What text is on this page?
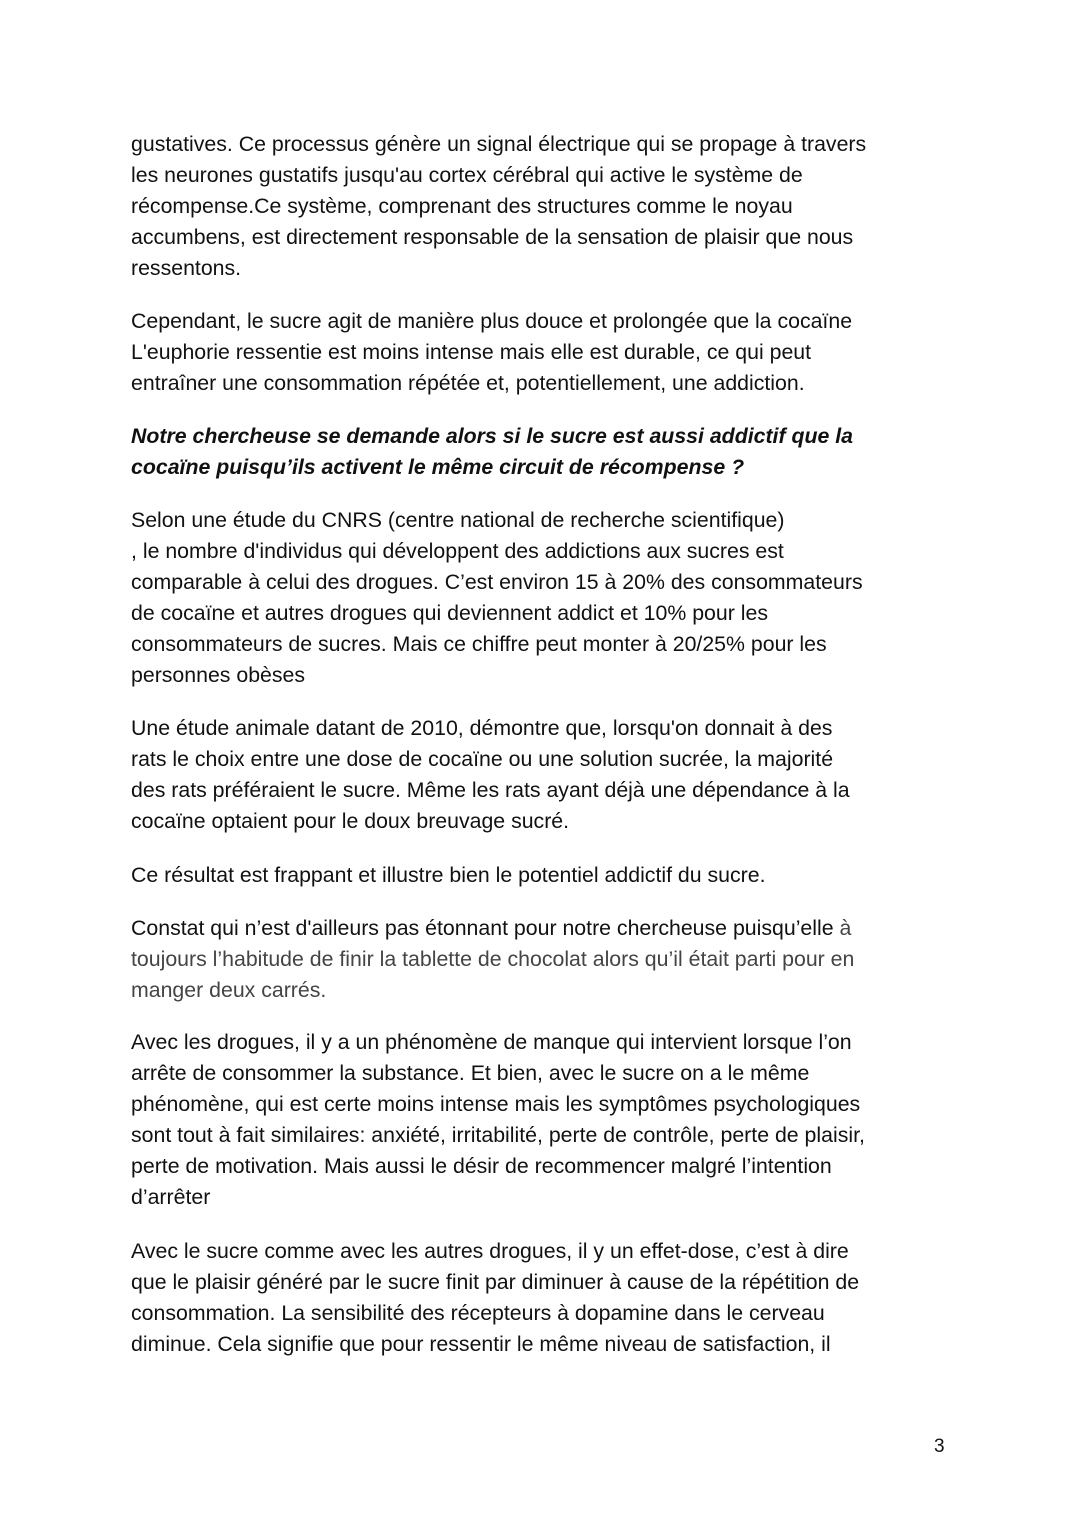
gustatives. Ce processus génère un signal électrique qui se propage à travers
les neurones gustatifs jusqu'au cortex cérébral qui active le système de
récompense.Ce système, comprenant des structures comme le noyau
accumbens, est directement responsable de la sensation de plaisir que nous
ressentons.
Cependant, le sucre agit de manière plus douce et prolongée que la cocaïne
L'euphorie ressentie est moins intense mais elle est durable, ce qui peut
entraîner une consommation répétée et, potentiellement, une addiction.
Notre chercheuse se demande alors si le sucre est aussi addictif que la
cocaïne puisqu’ils activent le même circuit de récompense ?
Selon une étude du CNRS (centre national de recherche scientifique)
, le nombre d'individus qui développent des addictions aux sucres est
comparable à celui des drogues. C’est environ 15 à 20% des consommateurs
de cocaïne et autres drogues qui deviennent addict et 10% pour les
consommateurs de sucres. Mais ce chiffre peut monter à 20/25% pour les
personnes obèses
Une étude animale datant de 2010, démontre que, lorsqu'on donnait à des
rats le choix entre une dose de cocaïne ou une solution sucrée, la majorité
des rats préféraient le sucre. Même les rats ayant déjà une dépendance à la
cocaïne optaient pour le doux breuvage sucré.
Ce résultat est frappant et illustre bien le potentiel addictif du sucre.
Constat qui n’est d'ailleurs pas étonnant pour notre chercheuse puisqu’elle à
toujours l’habitude de finir la tablette de chocolat alors qu’il était parti pour en
manger deux carrés.
Avec les drogues, il y a un phénomène de manque qui intervient lorsque l’on
arrête de consommer la substance. Et bien, avec le sucre on a le même
phénomène, qui est certe moins intense mais les symptômes psychologiques
sont tout à fait similaires: anxiété, irritabilité, perte de contrôle, perte de plaisir,
perte de motivation. Mais aussi le désir de recommencer malgré l’intention
d’arrêter
Avec le sucre comme avec les autres drogues, il y un effet-dose, c’est à dire
que le plaisir généré par le sucre finit par diminuer à cause de la répétition de
consommation. La sensibilité des récepteurs à dopamine dans le cerveau
diminue. Cela signifie que pour ressentir le même niveau de satisfaction, il
3
